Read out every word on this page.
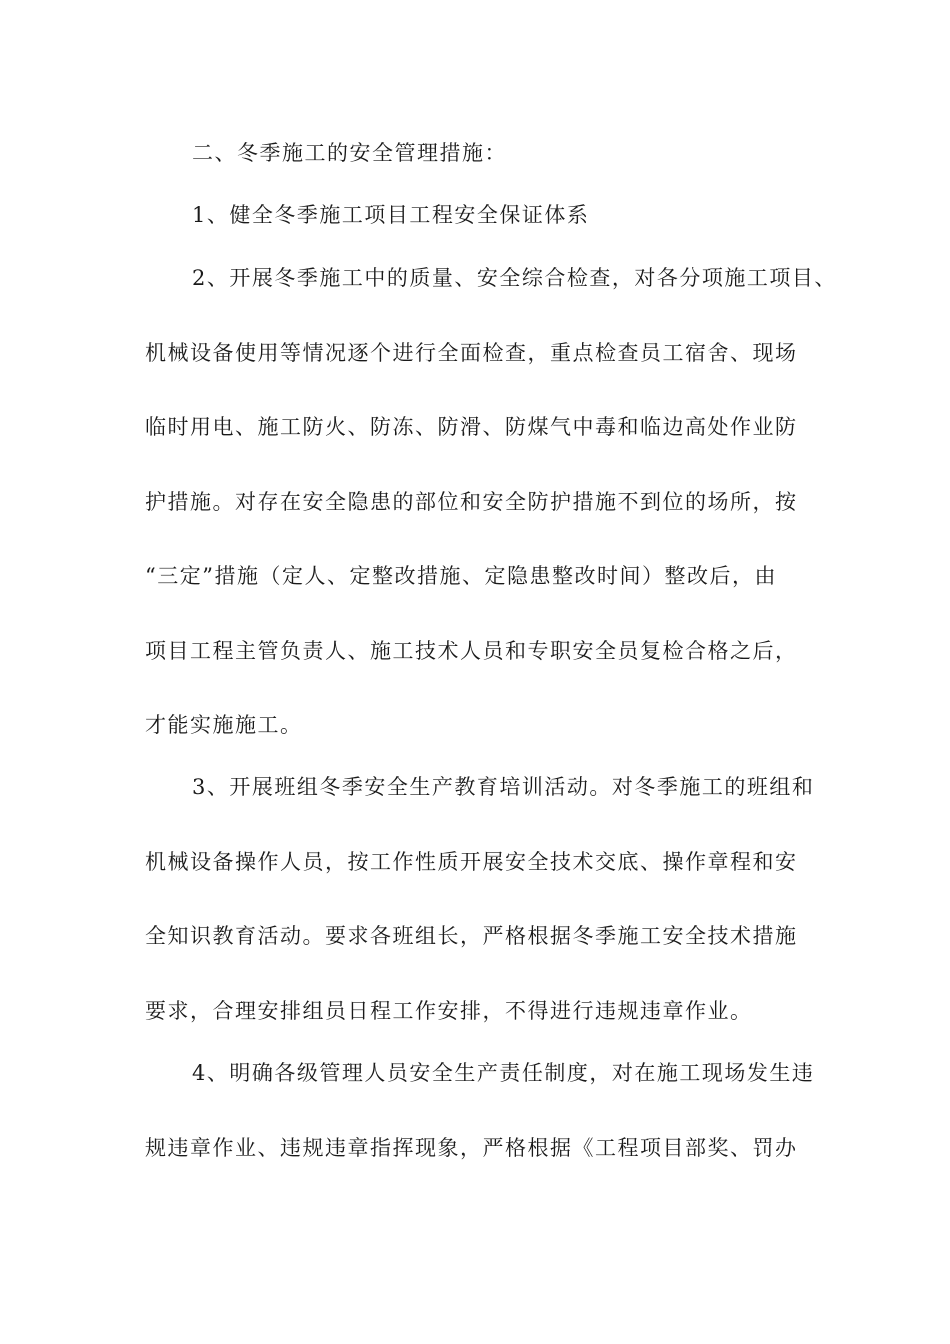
二、冬季施工的安全管理措施：
1、健全冬季施工项目工程安全保证体系
2、开展冬季施工中的质量、安全综合检查，对各分项施工项目、
机械设备使用等情况逐个进行全面检查，重点检查员工宿舍、现场
临时用电、施工防火、防冻、防滑、防煤气中毒和临边高处作业防
护措施。对存在安全隐患的部位和安全防护措施不到位的场所，按
“三定”措施（定人、定整改措施、定隐患整改时间）整改后，由
项目工程主管负责人、施工技术人员和专职安全员复检合格之后，
才能实施施工。
3、开展班组冬季安全生产教育培训活动。对冬季施工的班组和
机械设备操作人员，按工作性质开展安全技术交底、操作章程和安
全知识教育活动。要求各班组长，严格根据冬季施工安全技术措施
要求，合理安排组员日程工作安排，不得进行违规违章作业。
4、明确各级管理人员安全生产责任制度，对在施工现场发生违
规违章作业、违规违章指挥现象，严格根据《工程项目部奖、罚办
